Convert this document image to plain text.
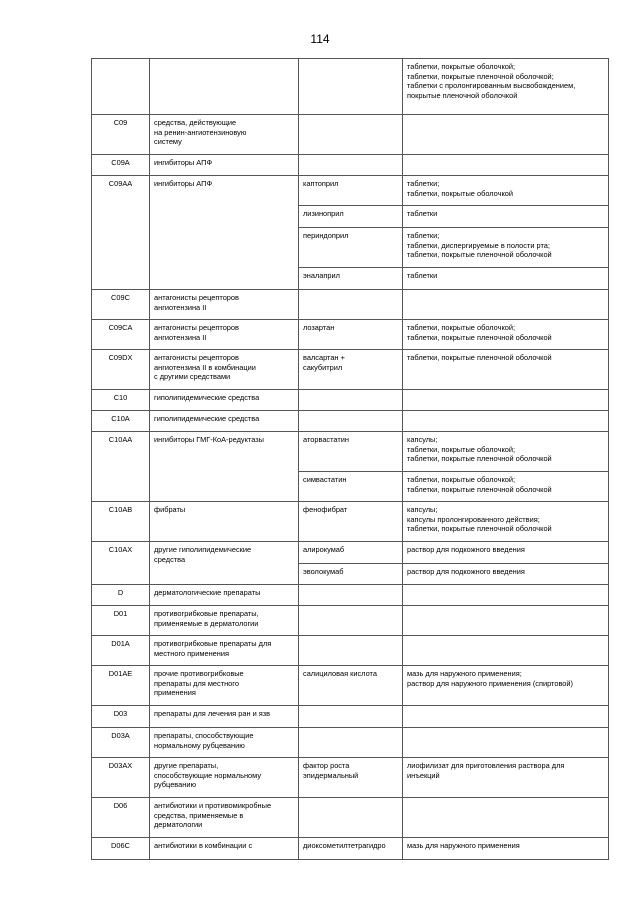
114

			таблетки, покрытые оболочкой;
таблетки, покрытые пленочной оболочкой;
таблетки с пролонгированным высвобождением,
покрытые пленочной оболочкой

C09	средства, действующие
на ренин-ангиотензиновую
систему		

C09A	ингибиторы АПФ		
C09AA	ингибиторы АПФ	каптоприл	таблетки;
таблетки, покрытые оболочкой

		лизиноприл	таблетки
		периндоприл	таблетки;
таблетки, диспергируемые в полости рта;
таблетки, покрытые пленочной оболочкой

		эналаприл	таблетки
C09C	антагонисты рецепторов
ангиотензина II		

C09CA	антагонисты рецепторов
ангиотензина II	лозартан	таблетки, покрытые оболочкой;
таблетки, покрытые пленочной оболочкой

C09DX	антагонисты рецепторов
ангиотензина II в комбинации
с другими средствами	валсартан +
сакубитрил	таблетки, покрытые пленочной оболочкой
C10	гиполипидемические средства		
C10A	гиполипидемические средства		
C10AA	ингибиторы ГМГ-КоА-редуктазы	аторвастатин	капсулы;
таблетки, покрытые оболочкой;
таблетки, покрытые пленочной оболочкой

		симвастатин	таблетки, покрытые оболочкой;
таблетки, покрытые пленочной оболочкой

C10AB	фибраты	фенофибрат	капсулы;
капсулы пролонгированного действия;
таблетки, покрытые пленочной оболочкой

C10AX	другие гиполипидемические
средства	алирокумаб	раствор для подкожного введения
		эволокумаб	раствор для подкожного введения
D	дерматологические препараты		
D01	противогрибковые препараты,
применяемые в дерматологии		

D01A	противогрибковые препараты для
местного применения		

D01AE	прочие противогрибковые
препараты для местного
применения	салициловая кислота	мазь для наружного применения;
раствор для наружного применения (спиртовой)

D03	препараты для лечения ран и язв		
D03A	препараты, способствующие
нормальному рубцеванию		

D03AX	другие препараты,
способствующие нормальному
рубцеванию	фактор роста
эпидермальный	лиофилизат для приготовления раствора для
инъекций

D06	антибиотики и противомикробные
средства, применяемые в
дерматологии		

D06C	антибиотики в комбинации с	диоксометилтетрагидро	мазь для наружного применения
